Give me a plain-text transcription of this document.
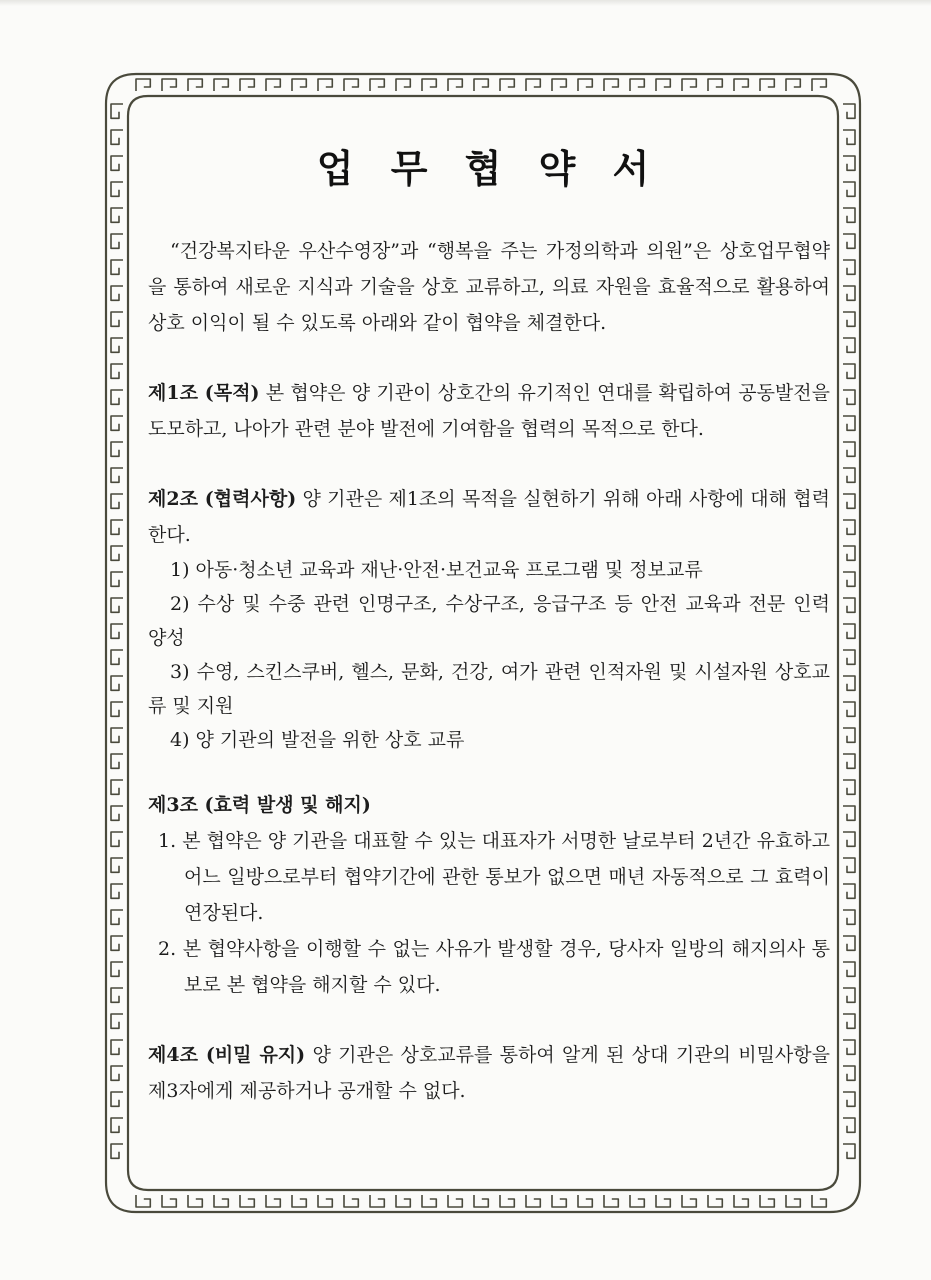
업 무 협 약 서

“건강복지타운 우산수영장”과 “행복을 주는 가정의학과 의원”은 상호업무협약을 통하여 새로운 지식과 기술을 상호 교류하고, 의료 자원을 효율적으로 활용하여 상호 이익이 될 수 있도록 아래와 같이 협약을 체결한다.

제1조 (목적) 본 협약은 양 기관이 상호간의 유기적인 연대를 확립하여 공동발전을 도모하고, 나아가 관련 분야 발전에 기여함을 협력의 목적으로 한다.

제2조 (협력사항) 양 기관은 제1조의 목적을 실현하기 위해 아래 사항에 대해 협력한다.

1) 아동·청소년 교육과 재난·안전·보건교육 프로그램 및 정보교류

2) 수상 및 수중 관련 인명구조, 수상구조, 응급구조 등 안전 교육과 전문 인력 양성

3) 수영, 스킨스쿠버, 헬스, 문화, 건강, 여가 관련 인적자원 및 시설자원 상호교류 및 지원

4) 양 기관의 발전을 위한 상호 교류

제3조 (효력 발생 및 해지)

1. 본 협약은 양 기관을 대표할 수 있는 대표자가 서명한 날로부터 2년간 유효하고 어느 일방으로부터 협약기간에 관한 통보가 없으면 매년 자동적으로 그 효력이 연장된다.

2. 본 협약사항을 이행할 수 없는 사유가 발생할 경우, 당사자 일방의 해지의사 통보로 본 협약을 해지할 수 있다.

제4조 (비밀 유지) 양 기관은 상호교류를 통하여 알게 된 상대 기관의 비밀사항을 제3자에게 제공하거나 공개할 수 없다.
